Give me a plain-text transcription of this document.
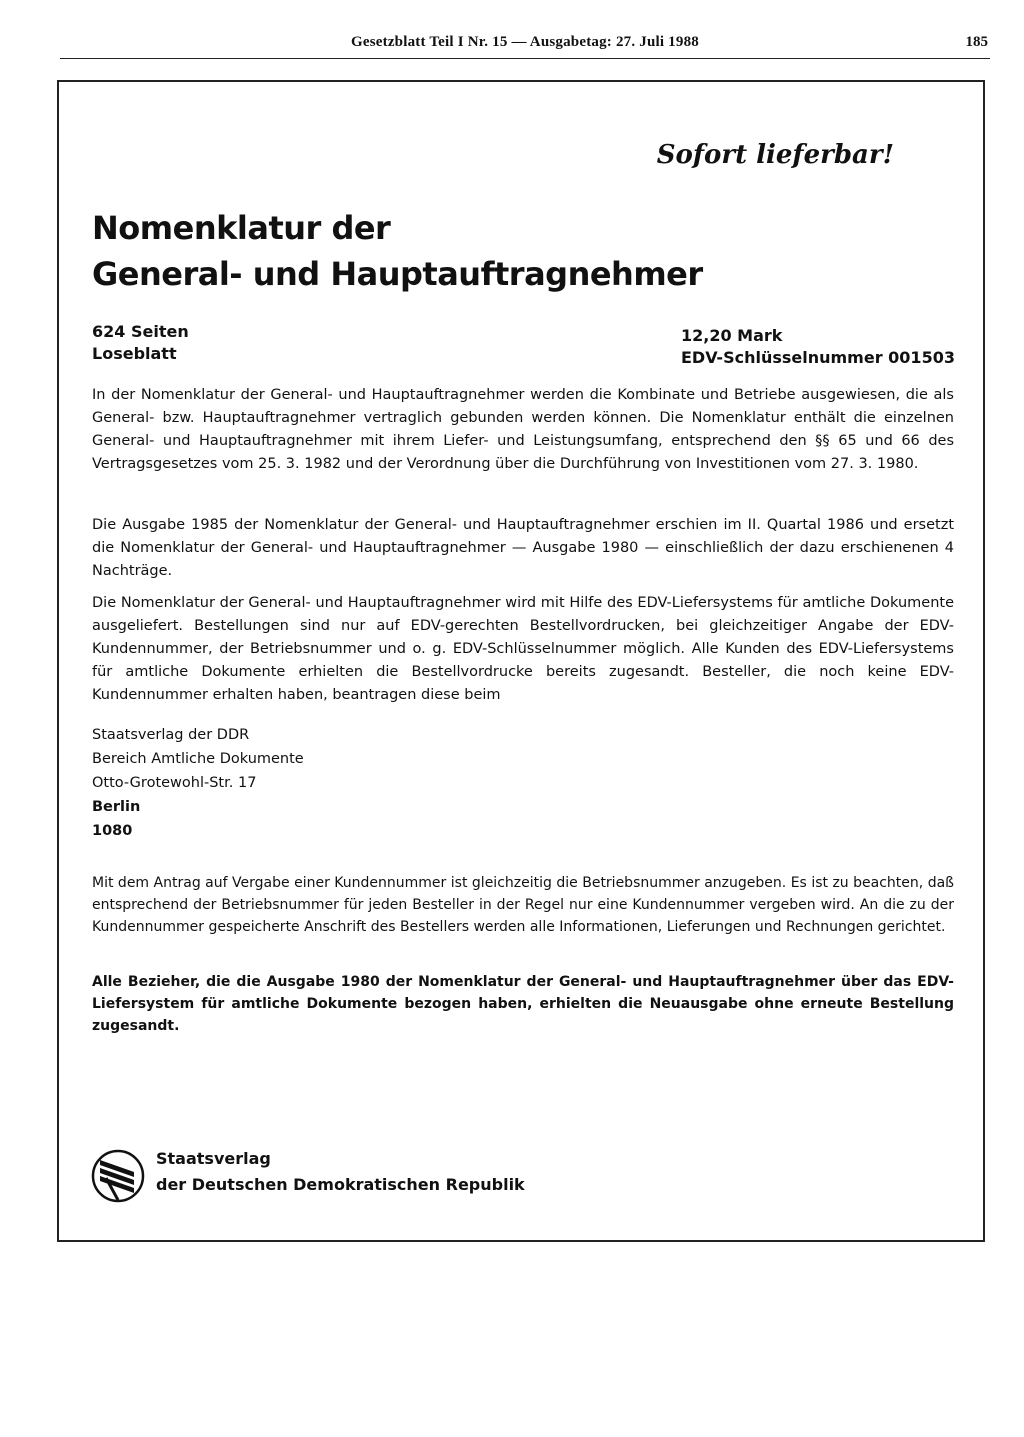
Gesetzblatt Teil I Nr. 15 — Ausgabetag: 27. Juli 1988	185
Sofort lieferbar!
Nomenklatur der
General- und Hauptauftragnehmer
624 Seiten
Loseblatt
12,20 Mark
EDV-Schlüsselnummer 001503

In der Nomenklatur der General- und Hauptauftragnehmer werden die Kombinate und Betriebe ausgewiesen, die als General- bzw. Hauptauftragnehmer vertraglich gebunden werden können. Die Nomenklatur enthält die einzelnen General- und Hauptauftragnehmer mit ihrem Liefer- und Leistungsumfang, entsprechend den §§ 65 und 66 des Vertragsgesetzes vom 25. 3. 1982 und der Verordnung über die Durchführung von Investitionen vom 27. 3. 1980.

Die Ausgabe 1985 der Nomenklatur der General- und Hauptauftragnehmer erschien im II. Quartal 1986 und ersetzt die Nomenklatur der General- und Hauptauftragnehmer — Ausgabe 1980 — einschließlich der dazu erschienenen 4 Nachträge.

Die Nomenklatur der General- und Hauptauftragnehmer wird mit Hilfe des EDV-Liefersystems für amtliche Dokumente ausgeliefert. Bestellungen sind nur auf EDV-gerechten Bestellvordrucken, bei gleichzeitiger Angabe der EDV-Kundennummer, der Betriebsnummer und o. g. EDV-Schlüsselnummer möglich. Alle Kunden des EDV-Liefersystems für amtliche Dokumente erhielten die Bestellvordrucke bereits zugesandt. Besteller, die noch keine EDV-Kundennummer erhalten haben, beantragen diese beim

Staatsverlag der DDR
Bereich Amtliche Dokumente
Otto-Grotewohl-Str. 17
Berlin
1080

Mit dem Antrag auf Vergabe einer Kundennummer ist gleichzeitig die Betriebsnummer anzugeben. Es ist zu beachten, daß entsprechend der Betriebsnummer für jeden Besteller in der Regel nur eine Kundennummer vergeben wird. An die zu der Kundennummer gespeicherte Anschrift des Bestellers werden alle Informationen, Lieferungen und Rechnungen gerichtet.

Alle Bezieher, die die Ausgabe 1980 der Nomenklatur der General- und Hauptauftragnehmer über das EDV-Liefersystem für amtliche Dokumente bezogen haben, erhielten die Neuausgabe ohne erneute Bestellung zugesandt.

Staatsverlag
der Deutschen Demokratischen Republik
